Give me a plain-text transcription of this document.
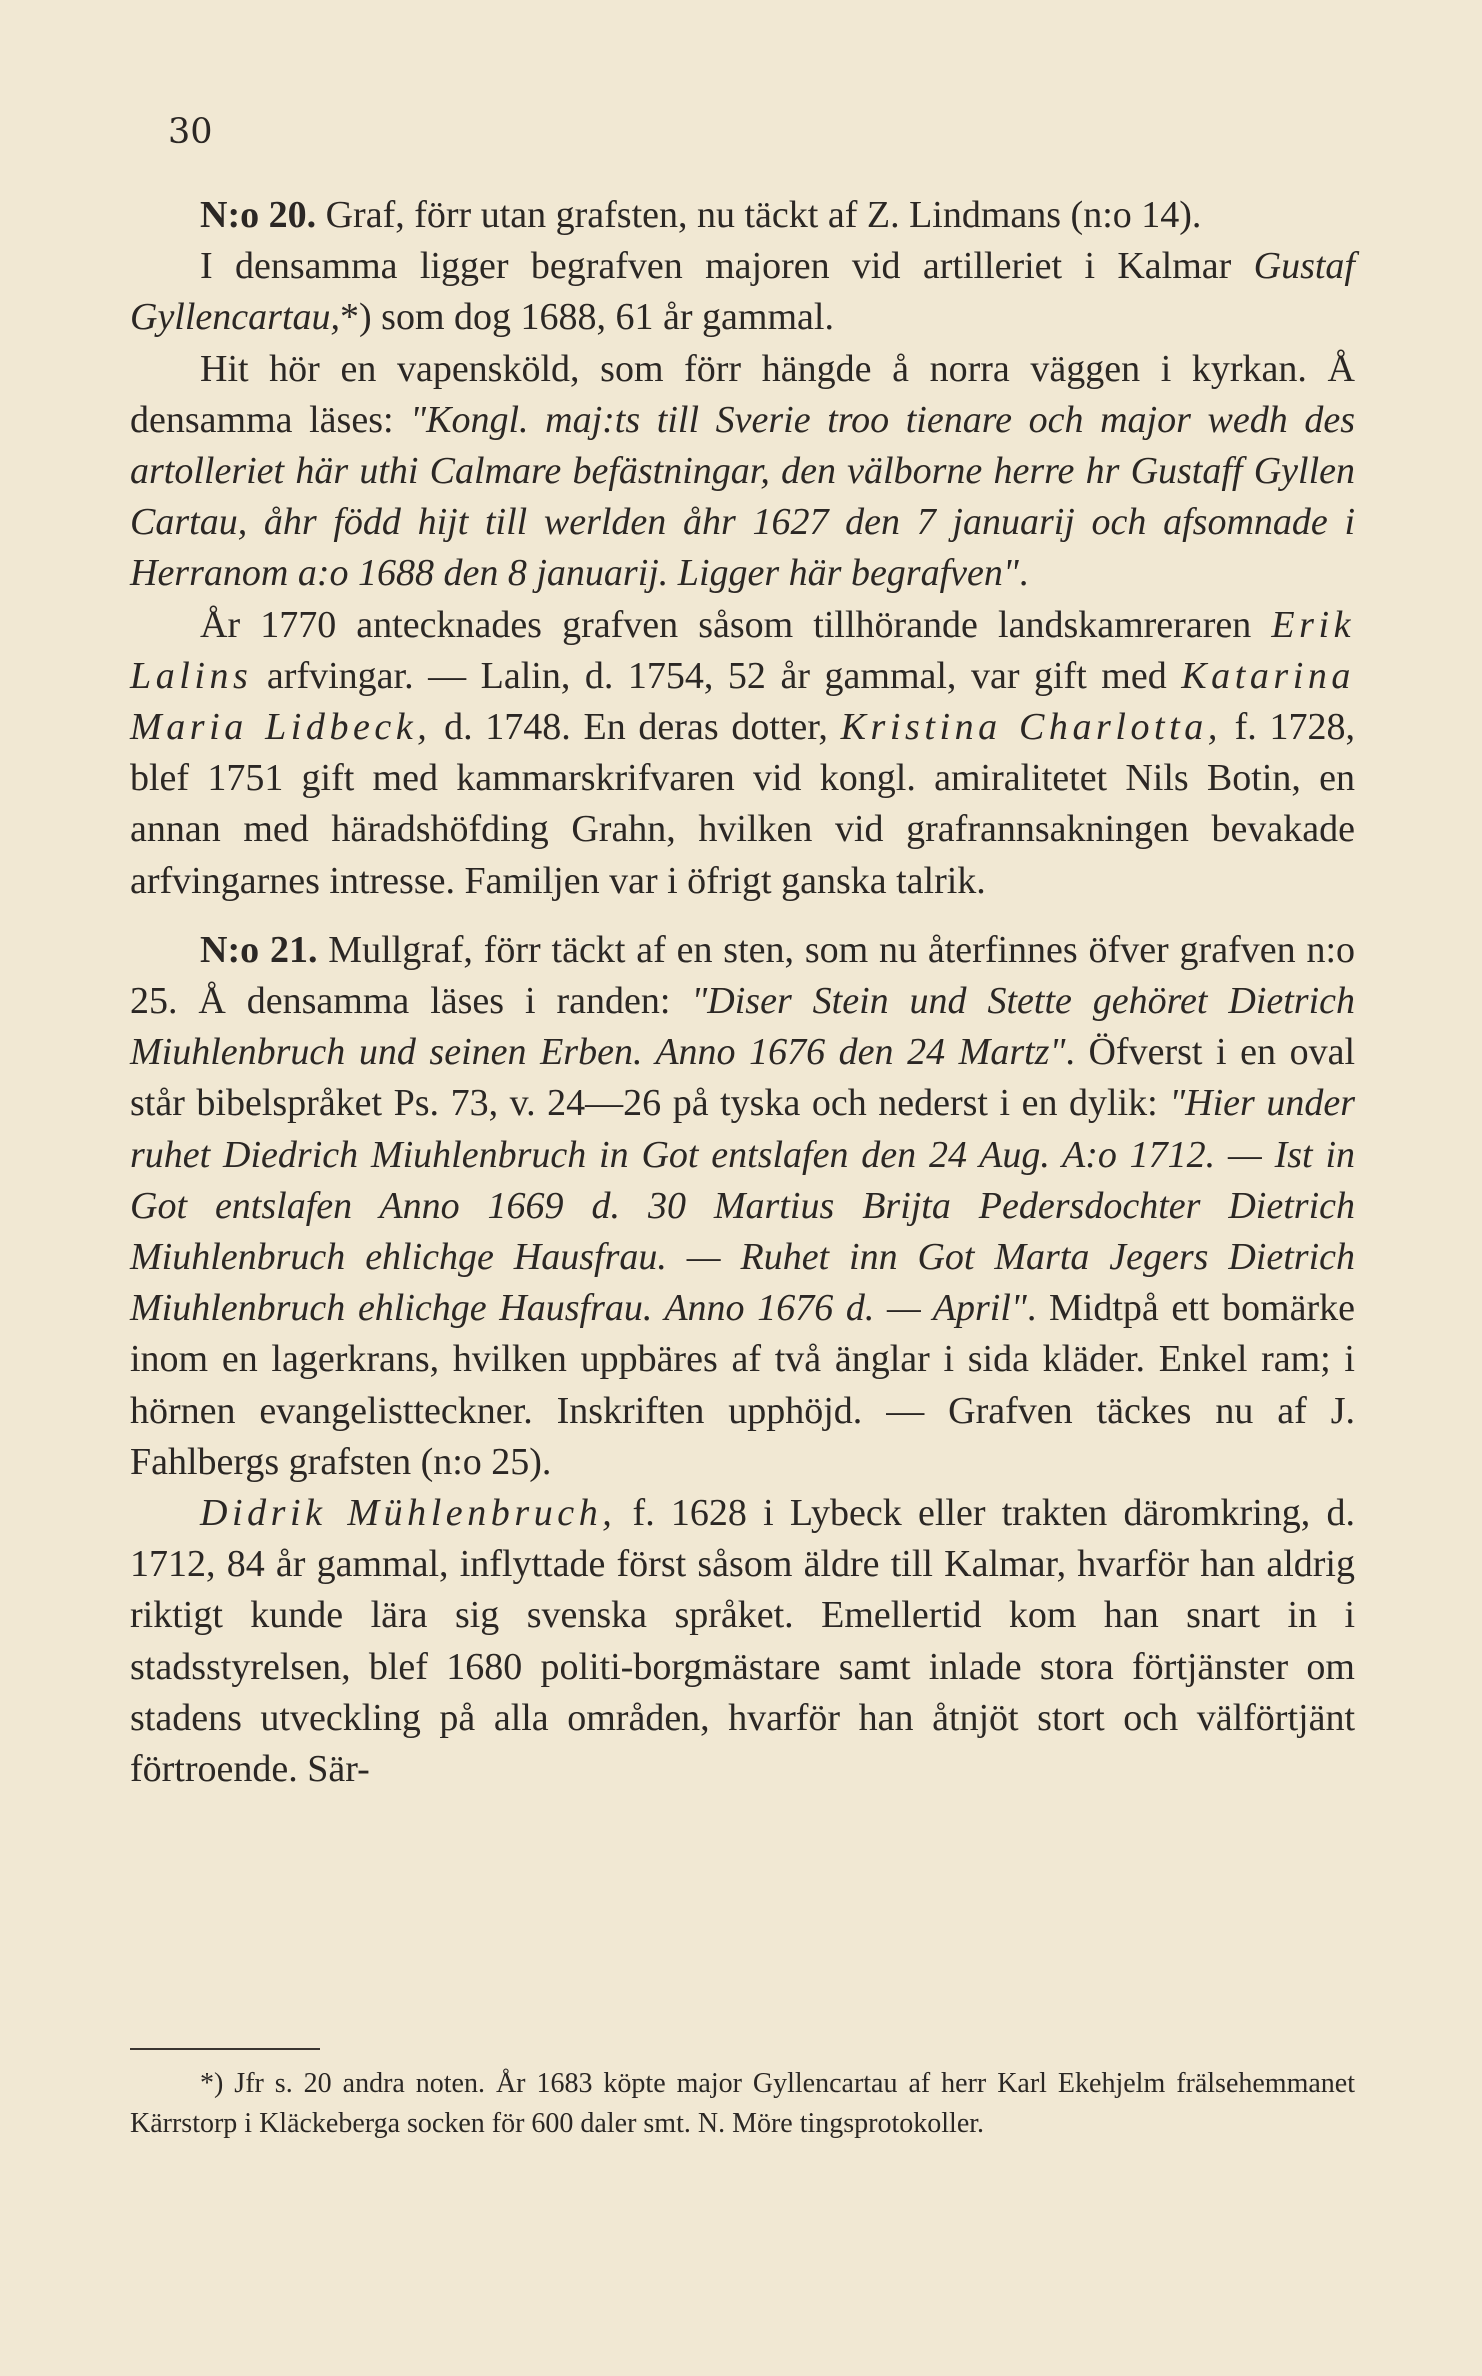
30

N:o 20. Graf, förr utan grafsten, nu täckt af Z. Lindmans (n:o 14).

I densamma ligger begrafven majoren vid artilleriet i Kalmar Gustaf Gyllencartau,*) som dog 1688, 61 år gammal.

Hit hör en vapensköld, som förr hängde å norra väggen i kyrkan. Å densamma läses: "Kongl. maj:ts till Sverie troo tienare och major wedh des artolleriet här uthi Calmare befästningar, den välborne herre hr Gustaff Gyllen Cartau, åhr född hijt till werlden åhr 1627 den 7 januarij och afsomnade i Herranom a:o 1688 den 8 januarij. Ligger här begrafven".

År 1770 antecknades grafven såsom tillhörande landskamreraren Erik Lalins arfvingar. — Lalin, d. 1754, 52 år gammal, var gift med Katarina Maria Lidbeck, d. 1748. En deras dotter, Kristina Charlotta, f. 1728, blef 1751 gift med kammarskrifvaren vid kongl. amiralitetet Nils Botin, en annan med häradshöfding Grahn, hvilken vid grafrannsakningen bevakade arfvingarnes intresse. Familjen var i öfrigt ganska talrik.

N:o 21. Mullgraf, förr täckt af en sten, som nu återfinnes öfver grafven n:o 25. Å densamma läses i randen: "Diser Stein und Stette gehöret Dietrich Miuhlenbruch und seinen Erben. Anno 1676 den 24 Martz". Öfverst i en oval står bibelspråket Ps. 73, v. 24—26 på tyska och nederst i en dylik: "Hier under ruhet Diedrich Miuhlenbruch in Got entslafen den 24 Aug. A:o 1712. — Ist in Got entslafen Anno 1669 d. 30 Martius Brijta Pedersdochter Dietrich Miuhlenbruch ehlichge Hausfrau. — Ruhet inn Got Marta Jegers Dietrich Miuhlenbruch ehlichge Hausfrau. Anno 1676 d. — April". Midtpå ett bomärke inom en lagerkrans, hvilken uppbäres af två änglar i sida kläder. Enkel ram; i hörnen evangelistteckner. Inskriften upphöjd. — Grafven täckes nu af J. Fahlbergs grafsten (n:o 25).

Didrik Mühlenbruch, f. 1628 i Lybeck eller trakten däromkring, d. 1712, 84 år gammal, inflyttade först såsom äldre till Kalmar, hvarför han aldrig riktigt kunde lära sig svenska språket. Emellertid kom han snart in i stadsstyrelsen, blef 1680 politi-borgmästare samt inlade stora förtjänster om stadens utveckling på alla områden, hvarför han åtnjöt stort och välförtjänt förtroende. Sär-

*) Jfr s. 20 andra noten. År 1683 köpte major Gyllencartau af herr Karl Ekehjelm frälsehemmanet Kärrstorp i Kläckeberga socken för 600 daler smt. N. Möre tingsprotokoller.
